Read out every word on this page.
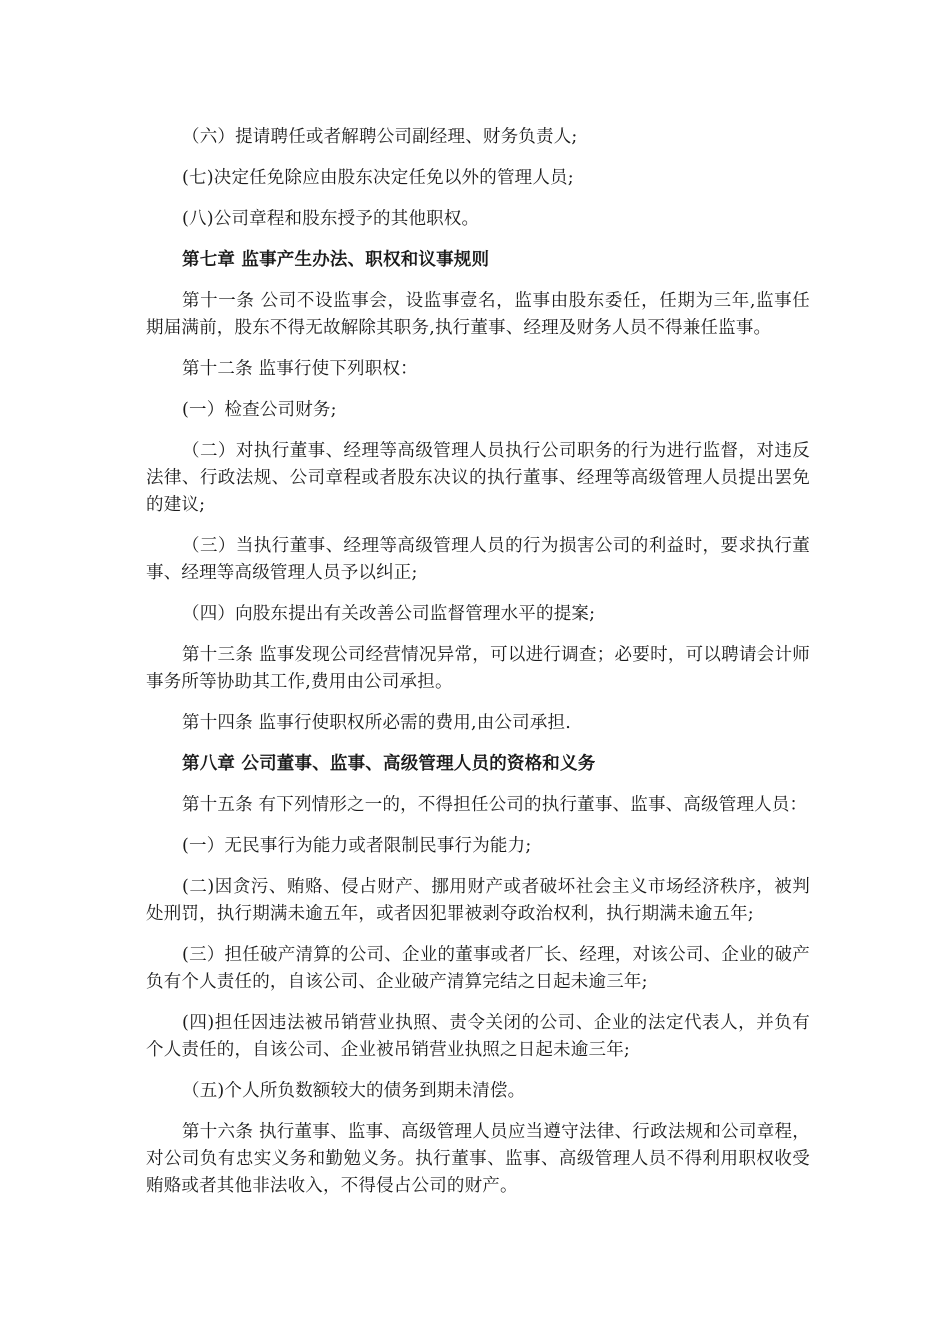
（六）提请聘任或者解聘公司副经理、财务负责人;

(七)决定任免除应由股东决定任免以外的管理人员;

(八)公司章程和股东授予的其他职权。

第七章 监事产生办法、职权和议事规则

第十一条 公司不设监事会，设监事壹名，监事由股东委任，任期为三年,监事任期届满前，股东不得无故解除其职务,执行董事、经理及财务人员不得兼任监事。

第十二条 监事行使下列职权：

(一）检查公司财务;

（二）对执行董事、经理等高级管理人员执行公司职务的行为进行监督，对违反法律、行政法规、公司章程或者股东决议的执行董事、经理等高级管理人员提出罢免的建议;

（三）当执行董事、经理等高级管理人员的行为损害公司的利益时，要求执行董事、经理等高级管理人员予以纠正;

（四）向股东提出有关改善公司监督管理水平的提案;

第十三条 监事发现公司经营情况异常，可以进行调查；必要时，可以聘请会计师事务所等协助其工作,费用由公司承担。

第十四条 监事行使职权所必需的费用,由公司承担.

第八章 公司董事、监事、高级管理人员的资格和义务

第十五条 有下列情形之一的，不得担任公司的执行董事、监事、高级管理人员：

(一）无民事行为能力或者限制民事行为能力;

(二)因贪污、贿赂、侵占财产、挪用财产或者破坏社会主义市场经济秩序，被判处刑罚，执行期满未逾五年，或者因犯罪被剥夺政治权利，执行期满未逾五年;

(三）担任破产清算的公司、企业的董事或者厂长、经理，对该公司、企业的破产负有个人责任的，自该公司、企业破产清算完结之日起未逾三年;

(四)担任因违法被吊销营业执照、责令关闭的公司、企业的法定代表人，并负有个人责任的，自该公司、企业被吊销营业执照之日起未逾三年;

（五)个人所负数额较大的债务到期未清偿。

第十六条 执行董事、监事、高级管理人员应当遵守法律、行政法规和公司章程，对公司负有忠实义务和勤勉义务。执行董事、监事、高级管理人员不得利用职权收受贿赂或者其他非法收入，不得侵占公司的财产。
